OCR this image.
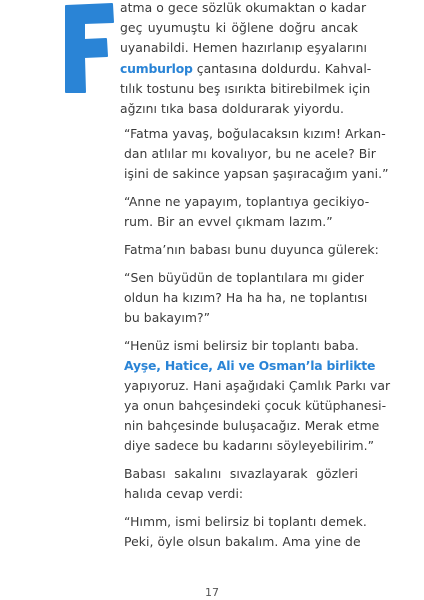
atma o gece sözlük okumaktan o kadar
geç uyumuştu ki öğlene doğru ancak
uyanabildi. Hemen hazırlanıp eşyalarını
cumburlop çantasına doldurdu. Kahval-
tılık tostunu beş ısırıkta bitirebilmek için
ağzını tıka basa doldurarak yiyordu.
“Fatma yavaş, boğulacaksın kızım! Arkan-
dan atlılar mı kovalıyor, bu ne acele? Bir
işini de sakince yapsan şaşıracağım yani.”
“Anne ne yapayım, toplantıya gecikiyo-
rum. Bir an evvel çıkmam lazım.”
Fatma’nın babası bunu duyunca gülerek:
“Sen büyüdün de toplantılara mı gider
oldun ha kızım? Ha ha ha, ne toplantısı
bu bakayım?”
“Henüz ismi belirsiz bir toplantı baba.
Ayşe, Hatice, Ali ve Osman’la birlikte
yapıyoruz. Hani aşağıdaki Çamlık Parkı var
ya onun bahçesindeki çocuk kütüphanesi-
nin bahçesinde buluşacağız. Merak etme
diye sadece bu kadarını söyleyebilirim.”
Babası sakalını sıvazlayarak gözleri
halıda cevap verdi:
“Hımm, ismi belirsiz bi toplantı demek.
Peki, öyle olsun bakalım. Ama yine de
17
